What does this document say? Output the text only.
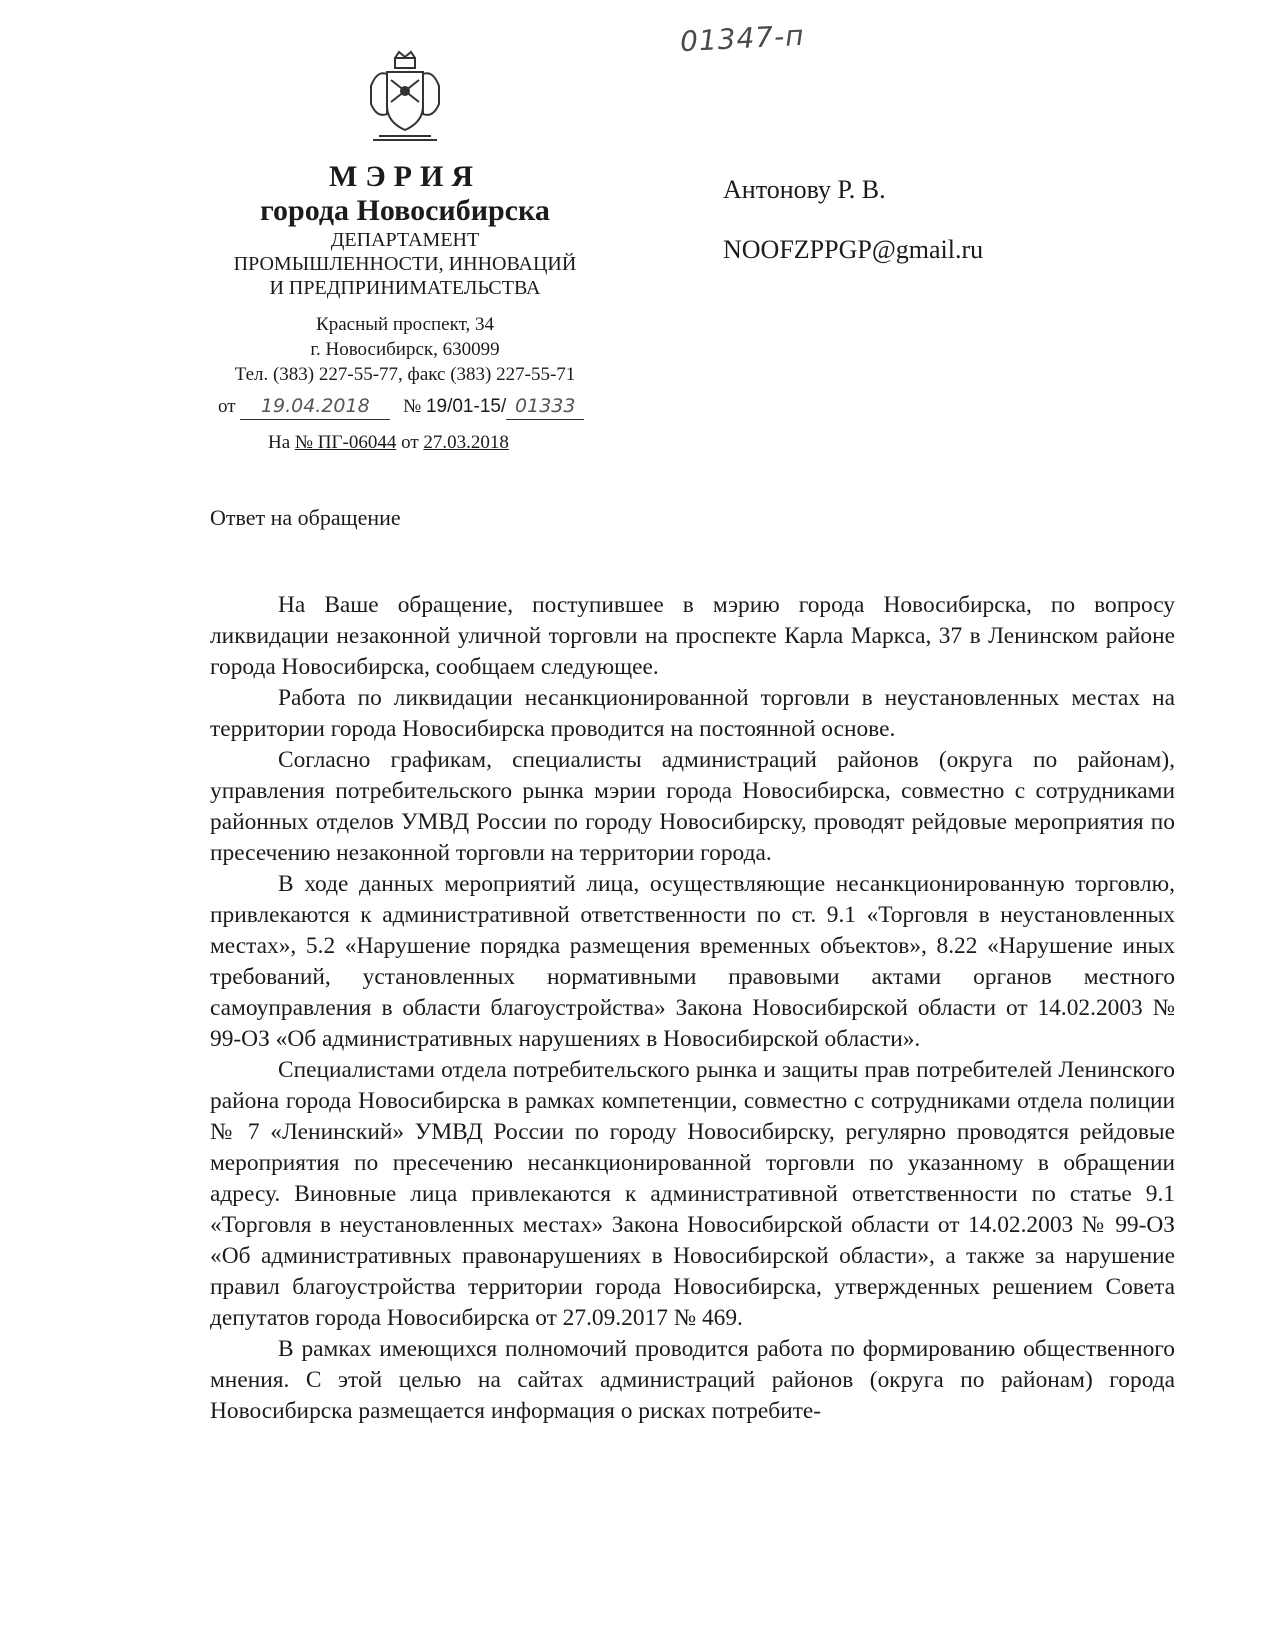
01347-п
МЭРИЯ
города Новосибирска
ДЕПАРТАМЕНТ
ПРОМЫШЛЕННОСТИ, ИННОВАЦИЙ
И ПРЕДПРИНИМАТЕЛЬСТВА
Красный проспект, 34
г. Новосибирск, 630099
Тел. (383) 227-55-77, факс (383) 227-55-71
от 19.04.2018 № 19/01-15/ 01333
На № ПГ-06044 от 27.03.2018
Антонову Р. В.
NOOFZPPGP@gmail.ru
Ответ на обращение

На Ваше обращение, поступившее в мэрию города Новосибирска, по вопросу ликвидации незаконной уличной торговли на проспекте Карла Маркса, 37 в Ленинском районе города Новосибирска, сообщаем следующее.

Работа по ликвидации несанкционированной торговли в неустановленных местах на территории города Новосибирска проводится на постоянной основе.

Согласно графикам, специалисты администраций районов (округа по районам), управления потребительского рынка мэрии города Новосибирска, совместно с сотрудниками районных отделов УМВД России по городу Новосибирску, проводят рейдовые мероприятия по пресечению незаконной торговли на территории города.

В ходе данных мероприятий лица, осуществляющие несанкционированную торговлю, привлекаются к административной ответственности по ст. 9.1 «Торговля в неустановленных местах», 5.2 «Нарушение порядка размещения временных объектов», 8.22 «Нарушение иных требований, установленных нормативными правовыми актами органов местного самоуправления в области благоустройства» Закона Новосибирской области от 14.02.2003 № 99-ОЗ «Об административных нарушениях в Новосибирской области».

Специалистами отдела потребительского рынка и защиты прав потребителей Ленинского района города Новосибирска в рамках компетенции, совместно с сотрудниками отдела полиции № 7 «Ленинский» УМВД России по городу Новосибирску, регулярно проводятся рейдовые мероприятия по пресечению несанкционированной торговли по указанному в обращении адресу. Виновные лица привлекаются к административной ответственности по статье 9.1 «Торговля в неустановленных местах» Закона Новосибирской области от 14.02.2003 № 99-ОЗ «Об административных правонарушениях в Новосибирской области», а также за нарушение правил благоустройства территории города Новосибирска, утвержденных решением Совета депутатов города Новосибирска от 27.09.2017 № 469.

В рамках имеющихся полномочий проводится работа по формированию общественного мнения. С этой целью на сайтах администраций районов (округа по районам) города Новосибирска размещается информация о рисках потребите-
